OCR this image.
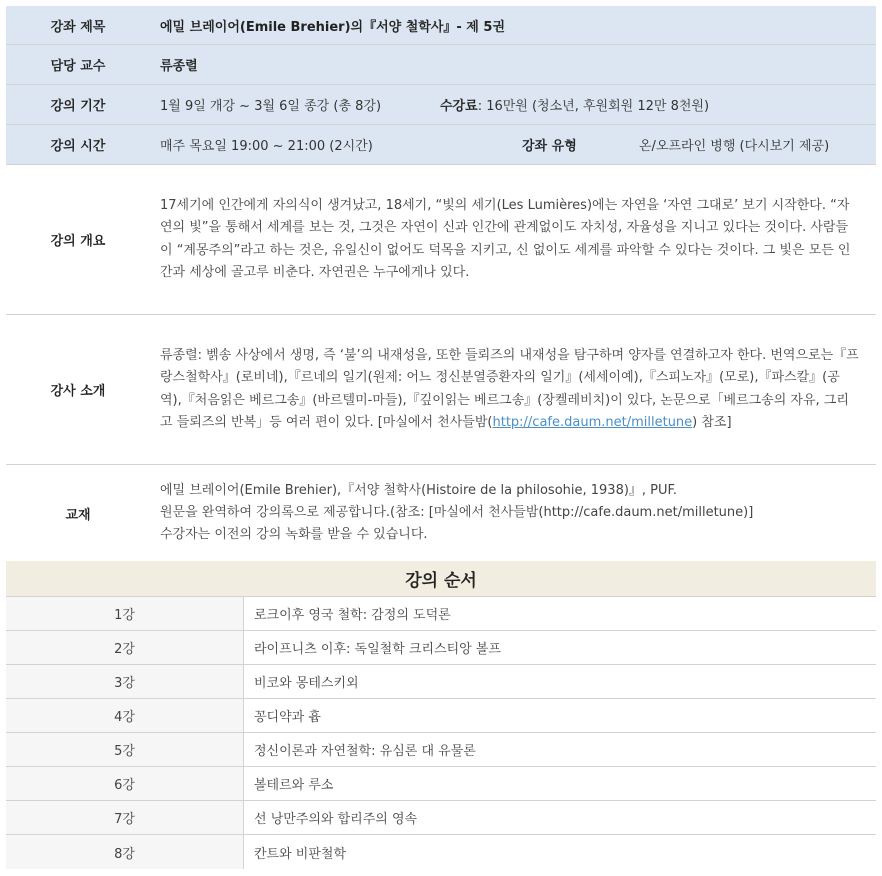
강좌 제목	에밀 브레이어(Emile Brehier)의『서양 철학사』- 제 5권
담당 교수	류종렬
강의 기간	1월 9일 개강 ~ 3월 6일 종강 (총 8강)	수강료 : 16만원 (청소년, 후원회원 12만 8천원)
강의 시간	매주 목요일 19:00 ~ 21:00 (2시간)	강좌 유형	온/오프라인 병행 (다시보기 제공)
강의 개요
17세기에 인간에게 자의식이 생겨났고, 18세기, “빛의 세기(Les Lumières)에는 자연을 ‘자연 그대로’ 보기 시작한다. “자연의 빛”을 통해서 세계를 보는 것, 그것은 자연이 신과 인간에 관계없이도 자치성, 자율성을 지니고 있다는 것이다. 사람들이 “계몽주의”라고 하는 것은, 유일신이 없어도 덕목을 지키고, 신 없이도 세계를 파악할 수 있다는 것이다. 그 빛은 모든 인간과 세상에 골고루 비춘다. 자연권은 누구에게나 있다.
강사 소개
류종렬: 벩송 사상에서 생명, 즉 ‘불’의 내재성을, 또한 들뢰즈의 내재성을 탐구하며 양자를 연결하고자 한다. 번역으로는『프랑스철학사』(로비네),『르네의 일기(원제: 어느 정신분열증환자의 일기』(세세이예),『스피노자』(모로),『파스칼』(공역),『처음읽은 베르그송』(바르텔미-마들),『깊이읽는 베르그송』(장켈레비치)이 있다, 논문으로「베르그송의 자유, 그리고 들뢰즈의 반복」등 여러 편이 있다. [마실에서 천사들밤(http://cafe.daum.net/milletune) 참조]
교재
에밀 브레이어(Emile Brehier),『서양 철학사(Histoire de la philosohie, 1938)』, PUF.
원문을 완역하여 강의록으로 제공합니다.(참조: [마실에서 천사들밤(http://cafe.daum.net/milletune)]
수강자는 이전의 강의 녹화를 받을 수 있습니다.
강의 순서
1강	로크이후 영국 철학: 감정의 도덕론
2강	라이프니츠 이후: 독일철학 크리스티앙 볼프
3강	비코와 몽테스키외
4강	꽁디약과 흄
5강	정신이론과 자연철학: 유심론 대 유물론
6강	볼테르와 루소
7강	선 낭만주의와 합리주의 영속
8강	칸트와 비판철학
